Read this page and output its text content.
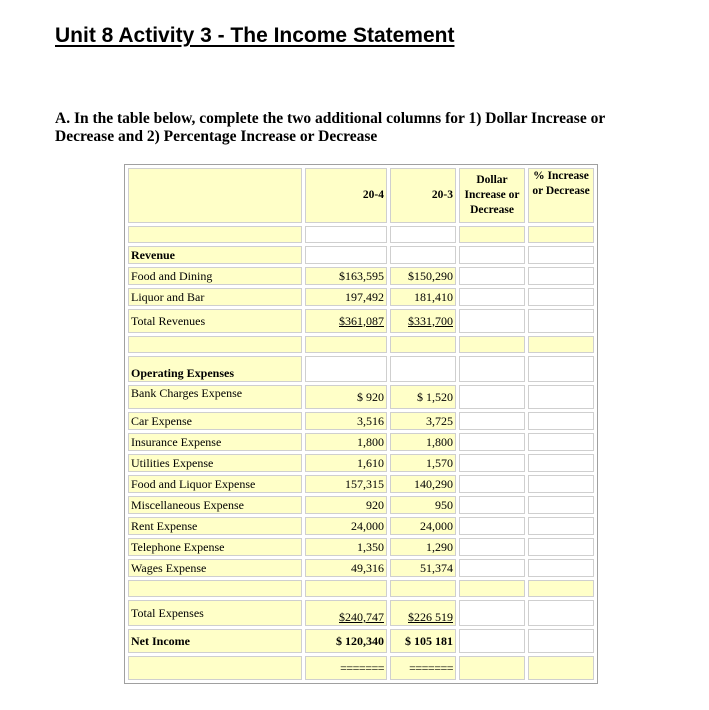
Unit 8 Activity 3 - The Income Statement

A. In the table below, complete the two additional columns for 1) Dollar Increase or Decrease and 2) Percentage Increase or Decrease

	20-4	20-3	Dollar Increase or Decrease	% Increase or Decrease

Revenue				
Food and Dining	$163,595	$150,290		
Liquor and Bar	197,492	181,410		
Total Revenues	$361,087	$331,700		

Operating Expenses				
Bank Charges Expense	$ 920	$ 1,520		
Car Expense	3,516	3,725		
Insurance Expense	1,800	1,800		
Utilities Expense	1,610	1,570		
Food and Liquor Expense	157,315	140,290		
Miscellaneous Expense	920	950		
Rent Expense	24,000	24,000		
Telephone Expense	1,350	1,290		
Wages Expense	49,316	51,374		

Total Expenses	$240,747	$226 519		
Net Income	$ 120,340	$ 105 181		
	=======	=======		
